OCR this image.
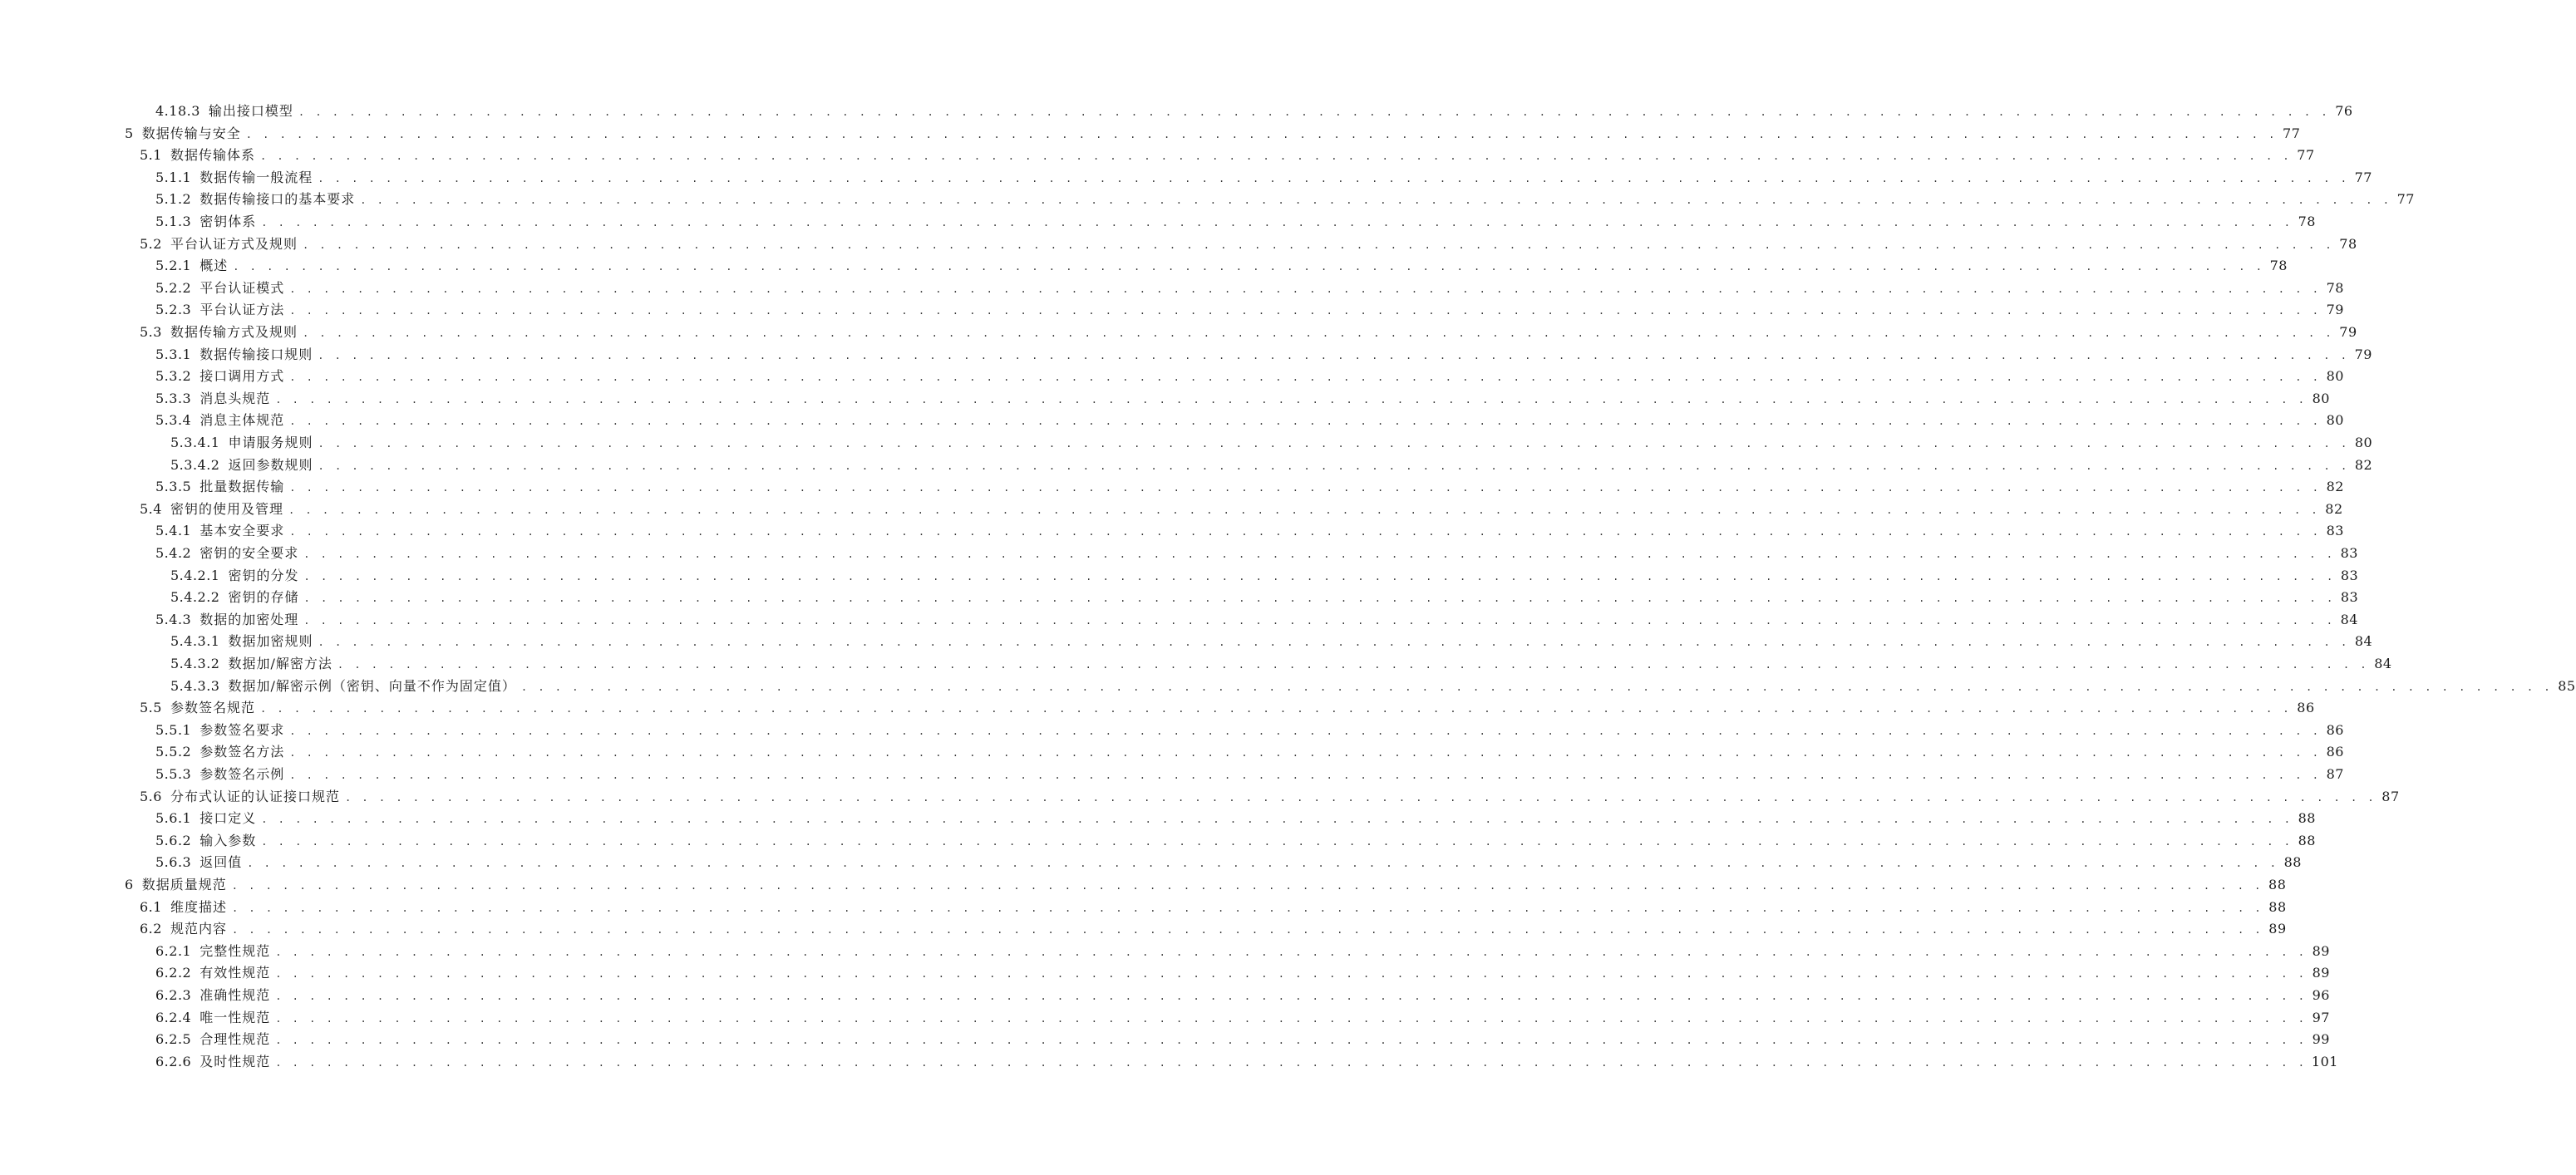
4.18.3 输出接口模型 . . . . . . . . . . . . . . . . . . . . . . . . . . . . . . . . . . . . . . . . . . . . . . . . . . . . . . . . . . . . . . . . . . . . . . . . . . . . . . . . . . . . . . . . . . . . . . . . . . . . . . . . . . . . . . . . . . . . . . . . 76
5 数据传输与安全 . . . . . . . . . . . . . . . . . . . . . . . . . . . . . . . . . . . . . . . . . . . . . . . . . . . . . . . . . . . . . . . . . . . . . . . . . . . . . . . . . . . . . . . . . . . . . . . . . . . . . . . . . . . . . . . . . . . . . . . . 77
5.1 数据传输体系 . . . . . . . . . . . . . . . . . . . . . . . . . . . . . . . . . . . . . . . . . . . . . . . . . . . . . . . . . . . . . . . . . . . . . . . . . . . . . . . . . . . . . . . . . . . . . . . . . . . . . . . . . . . . . . . . . . . . . . . . 77
5.1.1 数据传输一般流程 . . . . . . . . . . . . . . . . . . . . . . . . . . . . . . . . . . . . . . . . . . . . . . . . . . . . . . . . . . . . . . . . . . . . . . . . . . . . . . . . . . . . . . . . . . . . . . . . . . . . . . . . . . . . . . . . . . . . . . . . 77
5.1.2 数据传输接口的基本要求 . . . . . . . . . . . . . . . . . . . . . . . . . . . . . . . . . . . . . . . . . . . . . . . . . . . . . . . . . . . . . . . . . . . . . . . . . . . . . . . . . . . . . . . . . . . . . . . . . . . . . . . . . . . . . . . . . . . . . . . . 77
5.1.3 密钥体系 . . . . . . . . . . . . . . . . . . . . . . . . . . . . . . . . . . . . . . . . . . . . . . . . . . . . . . . . . . . . . . . . . . . . . . . . . . . . . . . . . . . . . . . . . . . . . . . . . . . . . . . . . . . . . . . . . . . . . . . . 78
5.2 平台认证方式及规则 . . . . . . . . . . . . . . . . . . . . . . . . . . . . . . . . . . . . . . . . . . . . . . . . . . . . . . . . . . . . . . . . . . . . . . . . . . . . . . . . . . . . . . . . . . . . . . . . . . . . . . . . . . . . . . . . . . . . . . . . 78
5.2.1 概述 . . . . . . . . . . . . . . . . . . . . . . . . . . . . . . . . . . . . . . . . . . . . . . . . . . . . . . . . . . . . . . . . . . . . . . . . . . . . . . . . . . . . . . . . . . . . . . . . . . . . . . . . . . . . . . . . . . . . . . . . 78
5.2.2 平台认证模式 . . . . . . . . . . . . . . . . . . . . . . . . . . . . . . . . . . . . . . . . . . . . . . . . . . . . . . . . . . . . . . . . . . . . . . . . . . . . . . . . . . . . . . . . . . . . . . . . . . . . . . . . . . . . . . . . . . . . . . . . 78
5.2.3 平台认证方法 . . . . . . . . . . . . . . . . . . . . . . . . . . . . . . . . . . . . . . . . . . . . . . . . . . . . . . . . . . . . . . . . . . . . . . . . . . . . . . . . . . . . . . . . . . . . . . . . . . . . . . . . . . . . . . . . . . . . . . . . 79
5.3 数据传输方式及规则 . . . . . . . . . . . . . . . . . . . . . . . . . . . . . . . . . . . . . . . . . . . . . . . . . . . . . . . . . . . . . . . . . . . . . . . . . . . . . . . . . . . . . . . . . . . . . . . . . . . . . . . . . . . . . . . . . . . . . . . . 79
5.3.1 数据传输接口规则 . . . . . . . . . . . . . . . . . . . . . . . . . . . . . . . . . . . . . . . . . . . . . . . . . . . . . . . . . . . . . . . . . . . . . . . . . . . . . . . . . . . . . . . . . . . . . . . . . . . . . . . . . . . . . . . . . . . . . . . . 79
5.3.2 接口调用方式 . . . . . . . . . . . . . . . . . . . . . . . . . . . . . . . . . . . . . . . . . . . . . . . . . . . . . . . . . . . . . . . . . . . . . . . . . . . . . . . . . . . . . . . . . . . . . . . . . . . . . . . . . . . . . . . . . . . . . . . . 80
5.3.3 消息头规范 . . . . . . . . . . . . . . . . . . . . . . . . . . . . . . . . . . . . . . . . . . . . . . . . . . . . . . . . . . . . . . . . . . . . . . . . . . . . . . . . . . . . . . . . . . . . . . . . . . . . . . . . . . . . . . . . . . . . . . . . 80
5.3.4 消息主体规范 . . . . . . . . . . . . . . . . . . . . . . . . . . . . . . . . . . . . . . . . . . . . . . . . . . . . . . . . . . . . . . . . . . . . . . . . . . . . . . . . . . . . . . . . . . . . . . . . . . . . . . . . . . . . . . . . . . . . . . . . 80
5.3.4.1 申请服务规则 . . . . . . . . . . . . . . . . . . . . . . . . . . . . . . . . . . . . . . . . . . . . . . . . . . . . . . . . . . . . . . . . . . . . . . . . . . . . . . . . . . . . . . . . . . . . . . . . . . . . . . . . . . . . . . . . . . . . . . . . 80
5.3.4.2 返回参数规则 . . . . . . . . . . . . . . . . . . . . . . . . . . . . . . . . . . . . . . . . . . . . . . . . . . . . . . . . . . . . . . . . . . . . . . . . . . . . . . . . . . . . . . . . . . . . . . . . . . . . . . . . . . . . . . . . . . . . . . . . 82
5.3.5 批量数据传输 . . . . . . . . . . . . . . . . . . . . . . . . . . . . . . . . . . . . . . . . . . . . . . . . . . . . . . . . . . . . . . . . . . . . . . . . . . . . . . . . . . . . . . . . . . . . . . . . . . . . . . . . . . . . . . . . . . . . . . . . 82
5.4 密钥的使用及管理 . . . . . . . . . . . . . . . . . . . . . . . . . . . . . . . . . . . . . . . . . . . . . . . . . . . . . . . . . . . . . . . . . . . . . . . . . . . . . . . . . . . . . . . . . . . . . . . . . . . . . . . . . . . . . . . . . . . . . . . . 82
5.4.1 基本安全要求 . . . . . . . . . . . . . . . . . . . . . . . . . . . . . . . . . . . . . . . . . . . . . . . . . . . . . . . . . . . . . . . . . . . . . . . . . . . . . . . . . . . . . . . . . . . . . . . . . . . . . . . . . . . . . . . . . . . . . . . . 83
5.4.2 密钥的安全要求 . . . . . . . . . . . . . . . . . . . . . . . . . . . . . . . . . . . . . . . . . . . . . . . . . . . . . . . . . . . . . . . . . . . . . . . . . . . . . . . . . . . . . . . . . . . . . . . . . . . . . . . . . . . . . . . . . . . . . . . . 83
5.4.2.1 密钥的分发 . . . . . . . . . . . . . . . . . . . . . . . . . . . . . . . . . . . . . . . . . . . . . . . . . . . . . . . . . . . . . . . . . . . . . . . . . . . . . . . . . . . . . . . . . . . . . . . . . . . . . . . . . . . . . . . . . . . . . . . . 83
5.4.2.2 密钥的存储 . . . . . . . . . . . . . . . . . . . . . . . . . . . . . . . . . . . . . . . . . . . . . . . . . . . . . . . . . . . . . . . . . . . . . . . . . . . . . . . . . . . . . . . . . . . . . . . . . . . . . . . . . . . . . . . . . . . . . . . . 83
5.4.3 数据的加密处理 . . . . . . . . . . . . . . . . . . . . . . . . . . . . . . . . . . . . . . . . . . . . . . . . . . . . . . . . . . . . . . . . . . . . . . . . . . . . . . . . . . . . . . . . . . . . . . . . . . . . . . . . . . . . . . . . . . . . . . . . 84
5.4.3.1 数据加密规则 . . . . . . . . . . . . . . . . . . . . . . . . . . . . . . . . . . . . . . . . . . . . . . . . . . . . . . . . . . . . . . . . . . . . . . . . . . . . . . . . . . . . . . . . . . . . . . . . . . . . . . . . . . . . . . . . . . . . . . . . 84
5.4.3.2 数据加/解密方法 . . . . . . . . . . . . . . . . . . . . . . . . . . . . . . . . . . . . . . . . . . . . . . . . . . . . . . . . . . . . . . . . . . . . . . . . . . . . . . . . . . . . . . . . . . . . . . . . . . . . . . . . . . . . . . . . . . . . . . . . 84
5.4.3.3 数据加/解密示例（密钥、向量不作为固定值） . . . . . . . . . . . . . . . . . . . . . . . . . . . . . . . . . . . . . . . . . . . . . . . . . . . . . . . . . . . . . . . . . . . . . . . . . . . . . . . . . . . . . . . . . . . . . . . . . . . . . . . . . . . . . . . . . . . . . . . . 85
5.5 参数签名规范 . . . . . . . . . . . . . . . . . . . . . . . . . . . . . . . . . . . . . . . . . . . . . . . . . . . . . . . . . . . . . . . . . . . . . . . . . . . . . . . . . . . . . . . . . . . . . . . . . . . . . . . . . . . . . . . . . . . . . . . . 86
5.5.1 参数签名要求 . . . . . . . . . . . . . . . . . . . . . . . . . . . . . . . . . . . . . . . . . . . . . . . . . . . . . . . . . . . . . . . . . . . . . . . . . . . . . . . . . . . . . . . . . . . . . . . . . . . . . . . . . . . . . . . . . . . . . . . . 86
5.5.2 参数签名方法 . . . . . . . . . . . . . . . . . . . . . . . . . . . . . . . . . . . . . . . . . . . . . . . . . . . . . . . . . . . . . . . . . . . . . . . . . . . . . . . . . . . . . . . . . . . . . . . . . . . . . . . . . . . . . . . . . . . . . . . . 86
5.5.3 参数签名示例 . . . . . . . . . . . . . . . . . . . . . . . . . . . . . . . . . . . . . . . . . . . . . . . . . . . . . . . . . . . . . . . . . . . . . . . . . . . . . . . . . . . . . . . . . . . . . . . . . . . . . . . . . . . . . . . . . . . . . . . . 87
5.6 分布式认证的认证接口规范 . . . . . . . . . . . . . . . . . . . . . . . . . . . . . . . . . . . . . . . . . . . . . . . . . . . . . . . . . . . . . . . . . . . . . . . . . . . . . . . . . . . . . . . . . . . . . . . . . . . . . . . . . . . . . . . . . . . . . . . . 87
5.6.1 接口定义 . . . . . . . . . . . . . . . . . . . . . . . . . . . . . . . . . . . . . . . . . . . . . . . . . . . . . . . . . . . . . . . . . . . . . . . . . . . . . . . . . . . . . . . . . . . . . . . . . . . . . . . . . . . . . . . . . . . . . . . . 88
5.6.2 输入参数 . . . . . . . . . . . . . . . . . . . . . . . . . . . . . . . . . . . . . . . . . . . . . . . . . . . . . . . . . . . . . . . . . . . . . . . . . . . . . . . . . . . . . . . . . . . . . . . . . . . . . . . . . . . . . . . . . . . . . . . . 88
5.6.3 返回值 . . . . . . . . . . . . . . . . . . . . . . . . . . . . . . . . . . . . . . . . . . . . . . . . . . . . . . . . . . . . . . . . . . . . . . . . . . . . . . . . . . . . . . . . . . . . . . . . . . . . . . . . . . . . . . . . . . . . . . . . 88
6 数据质量规范 . . . . . . . . . . . . . . . . . . . . . . . . . . . . . . . . . . . . . . . . . . . . . . . . . . . . . . . . . . . . . . . . . . . . . . . . . . . . . . . . . . . . . . . . . . . . . . . . . . . . . . . . . . . . . . . . . . . . . . . . 88
6.1 维度描述 . . . . . . . . . . . . . . . . . . . . . . . . . . . . . . . . . . . . . . . . . . . . . . . . . . . . . . . . . . . . . . . . . . . . . . . . . . . . . . . . . . . . . . . . . . . . . . . . . . . . . . . . . . . . . . . . . . . . . . . . 88
6.2 规范内容 . . . . . . . . . . . . . . . . . . . . . . . . . . . . . . . . . . . . . . . . . . . . . . . . . . . . . . . . . . . . . . . . . . . . . . . . . . . . . . . . . . . . . . . . . . . . . . . . . . . . . . . . . . . . . . . . . . . . . . . . 89
6.2.1 完整性规范 . . . . . . . . . . . . . . . . . . . . . . . . . . . . . . . . . . . . . . . . . . . . . . . . . . . . . . . . . . . . . . . . . . . . . . . . . . . . . . . . . . . . . . . . . . . . . . . . . . . . . . . . . . . . . . . . . . . . . . . . 89
6.2.2 有效性规范 . . . . . . . . . . . . . . . . . . . . . . . . . . . . . . . . . . . . . . . . . . . . . . . . . . . . . . . . . . . . . . . . . . . . . . . . . . . . . . . . . . . . . . . . . . . . . . . . . . . . . . . . . . . . . . . . . . . . . . . . 89
6.2.3 准确性规范 . . . . . . . . . . . . . . . . . . . . . . . . . . . . . . . . . . . . . . . . . . . . . . . . . . . . . . . . . . . . . . . . . . . . . . . . . . . . . . . . . . . . . . . . . . . . . . . . . . . . . . . . . . . . . . . . . . . . . . . . 96
6.2.4 唯一性规范 . . . . . . . . . . . . . . . . . . . . . . . . . . . . . . . . . . . . . . . . . . . . . . . . . . . . . . . . . . . . . . . . . . . . . . . . . . . . . . . . . . . . . . . . . . . . . . . . . . . . . . . . . . . . . . . . . . . . . . . . 97
6.2.5 合理性规范 . . . . . . . . . . . . . . . . . . . . . . . . . . . . . . . . . . . . . . . . . . . . . . . . . . . . . . . . . . . . . . . . . . . . . . . . . . . . . . . . . . . . . . . . . . . . . . . . . . . . . . . . . . . . . . . . . . . . . . . . 99
6.2.6 及时性规范 . . . . . . . . . . . . . . . . . . . . . . . . . . . . . . . . . . . . . . . . . . . . . . . . . . . . . . . . . . . . . . . . . . . . . . . . . . . . . . . . . . . . . . . . . . . . . . . . . . . . . . . . . . . . . . . . . . . . . . . . 101
